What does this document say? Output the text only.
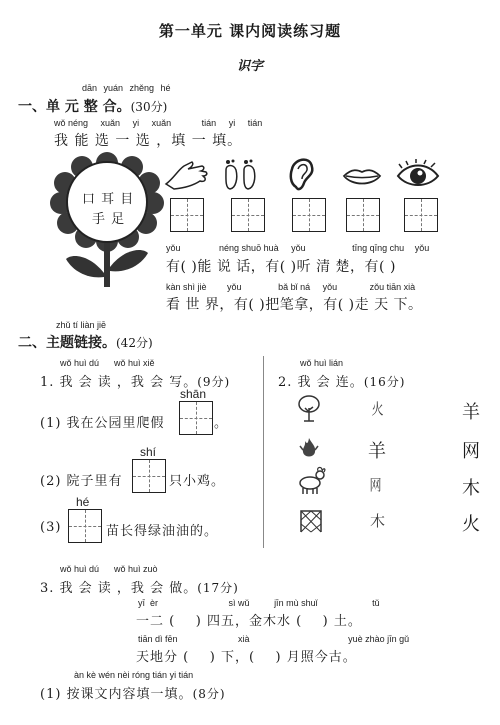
第一单元 课内阅读练习题
识字
dān yuán zhěng hé
一、单 元 整 合。(30分)
wǒ néng xuǎn yi xuǎn	tián yi tián
我 能 选 一 选 ，填 一 填。
口 耳 目
手 足
yǒu	néng shuō huà yǒu	tīng qīng chu yǒu
有( )能 说 话，有( )听 清 楚，有( )
kàn shì jiè yǒu	bǎ bǐ ná yǒu	zǒu tiān xià
看 世 界，有( )把笔拿，有( )走 天 下。
zhǔ tí liàn jiē
二、主题链接。(42分)
wǒ huì dú      wǒ huì xiě
1. 我 会 读 ，我 会 写。(9分)
shān
(1) 我在公园里爬假	。
shí
(2) 院子里有	只小鸡。
hé
(3)	苗长得绿油油的。
wǒ huì lián
2. 我 会 连。(16分)
火
羊
网
木
羊
网
木
火
wǒ huì dú      wǒ huì zuò
3. 我 会 读 ，我 会 做。(17分)
yī  èr	sì wǔ	jīn mù shuǐ	tǔ
一二 (    ) 四五，金木水 (    ) 土。
tiān dì fēn	xià	yuè zhào jīn gǔ
天地分 (    ) 下，(    ) 月照今古。
àn kè wén nèi róng tián yi tián
(1) 按课文内容填一填。(8分)
